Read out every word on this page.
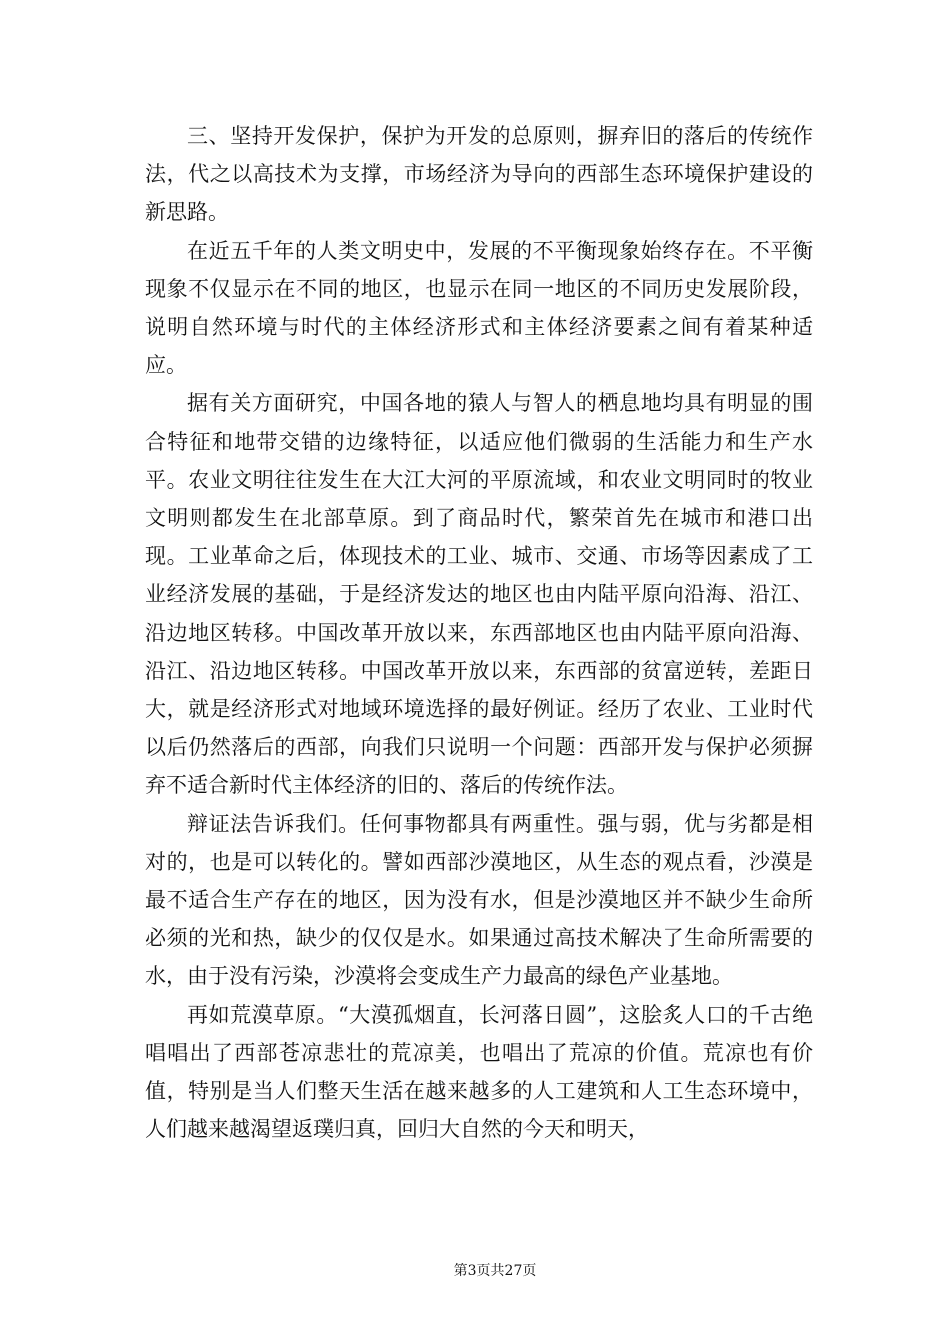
三、坚持开发保护，保护为开发的总原则，摒弃旧的落后的传统作法，代之以高技术为支撑，市场经济为导向的西部生态环境保护建设的新思路。

在近五千年的人类文明史中，发展的不平衡现象始终存在。不平衡现象不仅显示在不同的地区，也显示在同一地区的不同历史发展阶段，说明自然环境与时代的主体经济形式和主体经济要素之间有着某种适应。

据有关方面研究，中国各地的猿人与智人的栖息地均具有明显的围合特征和地带交错的边缘特征，以适应他们微弱的生活能力和生产水平。农业文明往往发生在大江大河的平原流域，和农业文明同时的牧业文明则都发生在北部草原。到了商品时代，繁荣首先在城市和港口出现。工业革命之后，体现技术的工业、城市、交通、市场等因素成了工业经济发展的基础，于是经济发达的地区也由内陆平原向沿海、沿江、沿边地区转移。中国改革开放以来，东西部地区也由内陆平原向沿海、沿江、沿边地区转移。中国改革开放以来，东西部的贫富逆转，差距日大，就是经济形式对地域环境选择的最好例证。经历了农业、工业时代以后仍然落后的西部，向我们只说明一个问题：西部开发与保护必须摒弃不适合新时代主体经济的旧的、落后的传统作法。

辩证法告诉我们。任何事物都具有两重性。强与弱，优与劣都是相对的，也是可以转化的。譬如西部沙漠地区，从生态的观点看，沙漠是最不适合生产存在的地区，因为没有水，但是沙漠地区并不缺少生命所必须的光和热，缺少的仅仅是水。如果通过高技术解决了生命所需要的水，由于没有污染，沙漠将会变成生产力最高的绿色产业基地。

再如荒漠草原。“大漠孤烟直，长河落日圆”，这脍炙人口的千古绝唱唱出了西部苍凉悲壮的荒凉美，也唱出了荒凉的价值。荒凉也有价值，特别是当人们整天生活在越来越多的人工建筑和人工生态环境中，人们越来越渴望返璞归真，回归大自然的今天和明天，

第3页共27页
